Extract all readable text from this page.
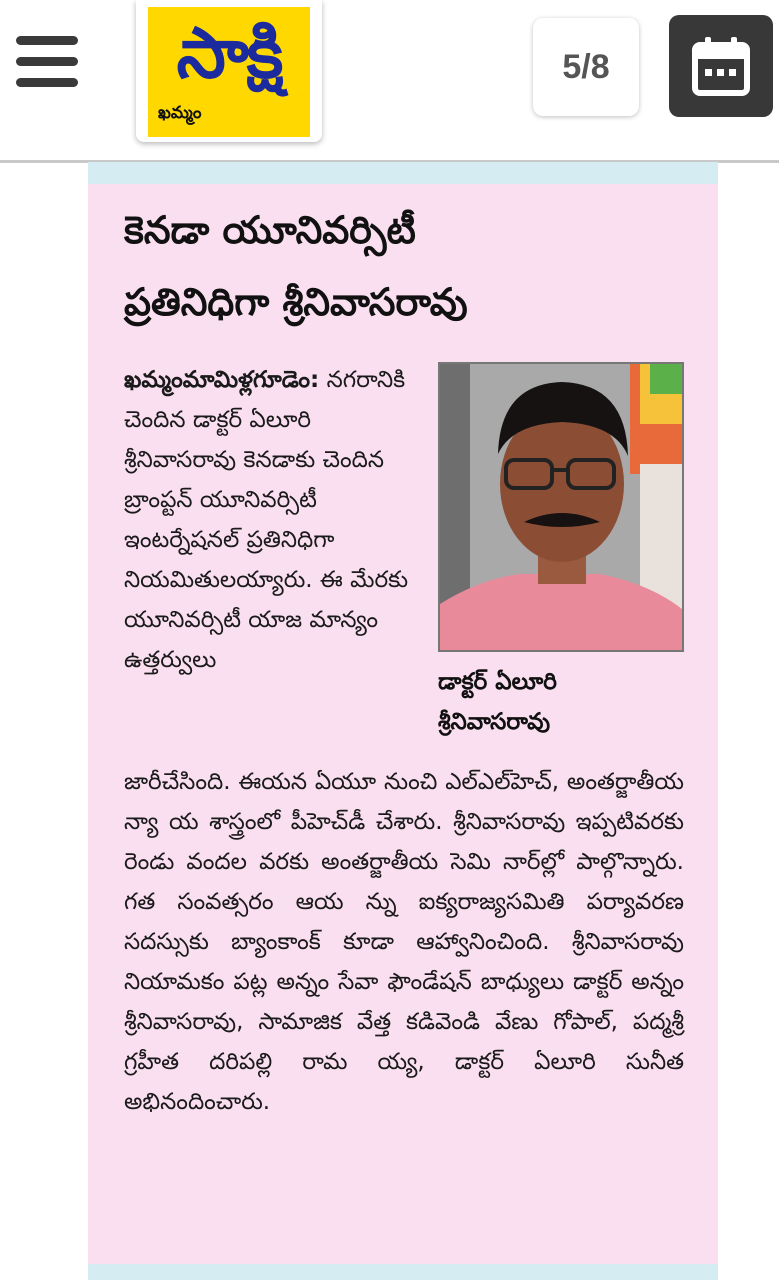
సాక్షి
ఖమ్మం
5/8
కెనడా యూనివర్సిటీ
ప్రతినిధిగా శ్రీనివాసరావు
ఖమ్మంమామిళ్లగూడెం: నగరానికి చెందిన డాక్టర్ ఏలూరి శ్రీనివాసరావు కెనడాకు చెందిన బ్రాంప్టన్ యూనివర్సిటీ ఇంటర్నేషనల్ ప్రతినిధిగా నియమితులయ్యారు. ఈ మేరకు యూనివర్సిటీ యాజ మాన్యం ఉత్తర్వులు
డాక్టర్ ఏలూరి
శ్రీనివాసరావు
జారీచేసింది. ఈయన ఏయూ నుంచి ఎల్‌ఎల్‌హెచ్, అంతర్జాతీయ న్యా య శాస్త్రంలో పీహెచ్‌డీ చేశారు. శ్రీనివాసరావు ఇప్పటివరకు రెండు వందల వరకు అంతర్జాతీయ సెమి నార్‌ల్లో పాల్గొన్నారు. గత సంవత్సరం ఆయ న్ను ఐక్యరాజ్యసమితి పర్యావరణ సదస్సుకు బ్యాంకాంక్ కూడా ఆహ్వానించింది. శ్రీనివాసరావు నియామకం పట్ల అన్నం సేవా ఫౌండేషన్ బాధ్యులు డాక్టర్ అన్నం శ్రీనివాసరావు, సామాజిక వేత్త కడివెండి వేణు గోపాల్, పద్మశ్రీ గ్రహీత దరిపల్లి రామ య్య, డాక్టర్ ఏలూరి సునీత అభినందించారు.
